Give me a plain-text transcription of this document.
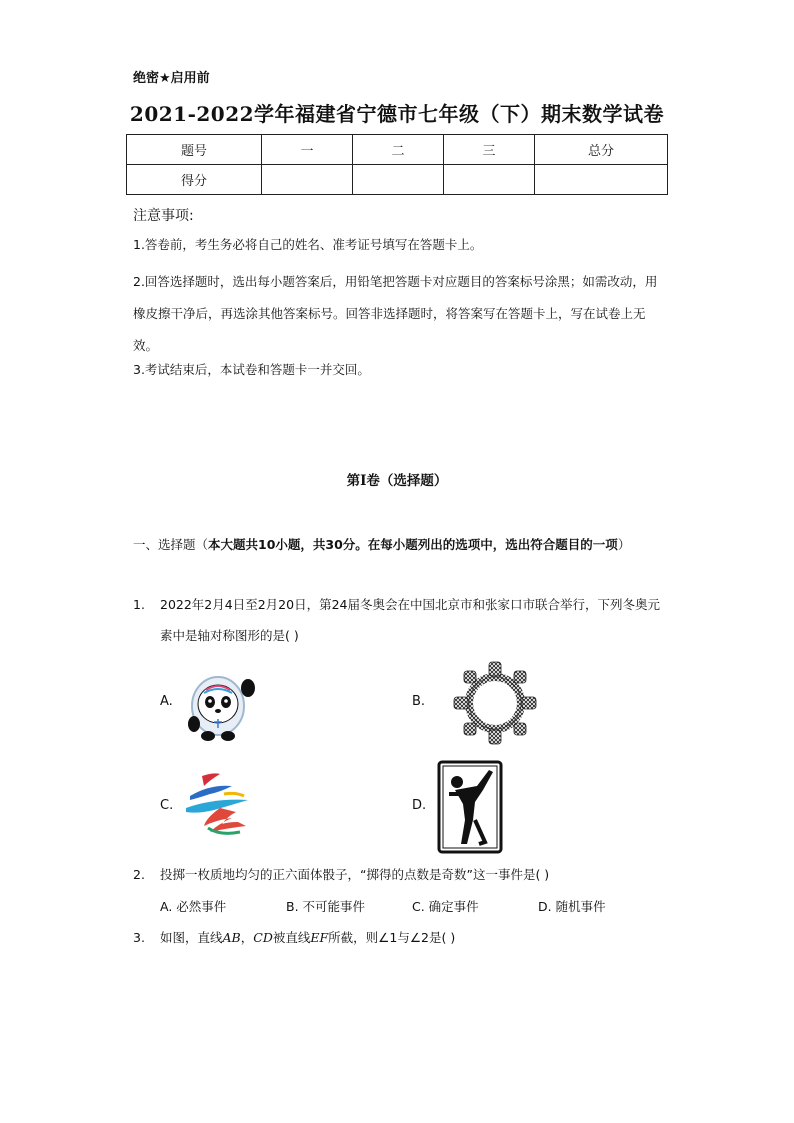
绝密★启用前
2021-2022学年福建省宁德市七年级（下）期末数学试卷
题号	一	二	三	总分
得分				
注意事项:
1.答卷前，考生务必将自己的姓名、准考证号填写在答题卡上。
2.回答选择题时，选出每小题答案后，用铅笔把答题卡对应题目的答案标号涂黑；如需改动，用橡皮擦干净后，再选涂其他答案标号。回答非选择题时，将答案写在答题卡上，写在试卷上无效。
3.考试结束后，本试卷和答题卡一并交回。
第I卷（选择题）
一、选择题（本大题共10小题，共30分。在每小题列出的选项中，选出符合题目的一项）
1. 2022年2月4日至2月20日，第24届冬奥会在中国北京市和张家口市联合举行，下列冬奥元素中是轴对称图形的是( )
A.	B.
C.	D.
2. 投掷一枚质地均匀的正六面体骰子，“掷得的点数是奇数”这一事件是( )
A. 必然事件	B. 不可能事件	C. 确定事件	D. 随机事件
3. 如图，直线AB，CD被直线EF所截，则∠1与∠2是( )
